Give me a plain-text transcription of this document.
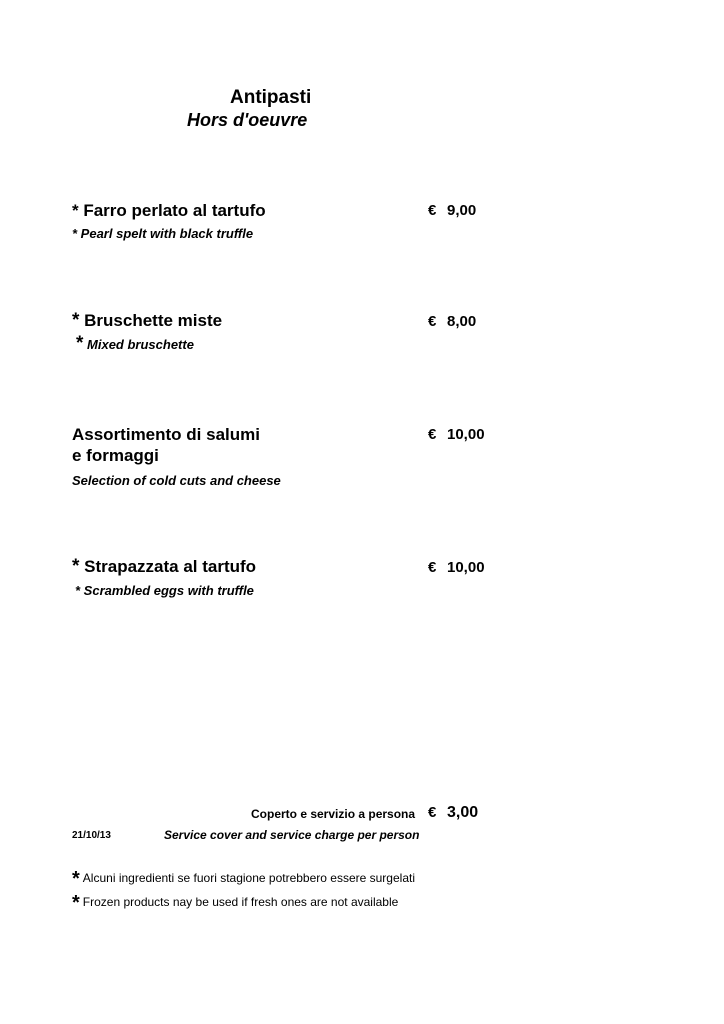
Antipasti
Hors d'oeuvre
* Farro perlato al tartufo
* Pearl spelt with black truffle
€ 9,00
* Bruschette miste
* Mixed bruschette
€ 8,00
Assortimento di salumi
e formaggi
Selection of cold cuts and cheese
€ 10,00
* Strapazzata al tartufo
* Scrambled eggs with truffle
€ 10,00
Coperto e servizio a persona € 3,00
21/10/13	Service cover and service charge per person
* Alcuni ingredienti se fuori stagione potrebbero essere surgelati
* Frozen products nay be used if fresh ones are not available
